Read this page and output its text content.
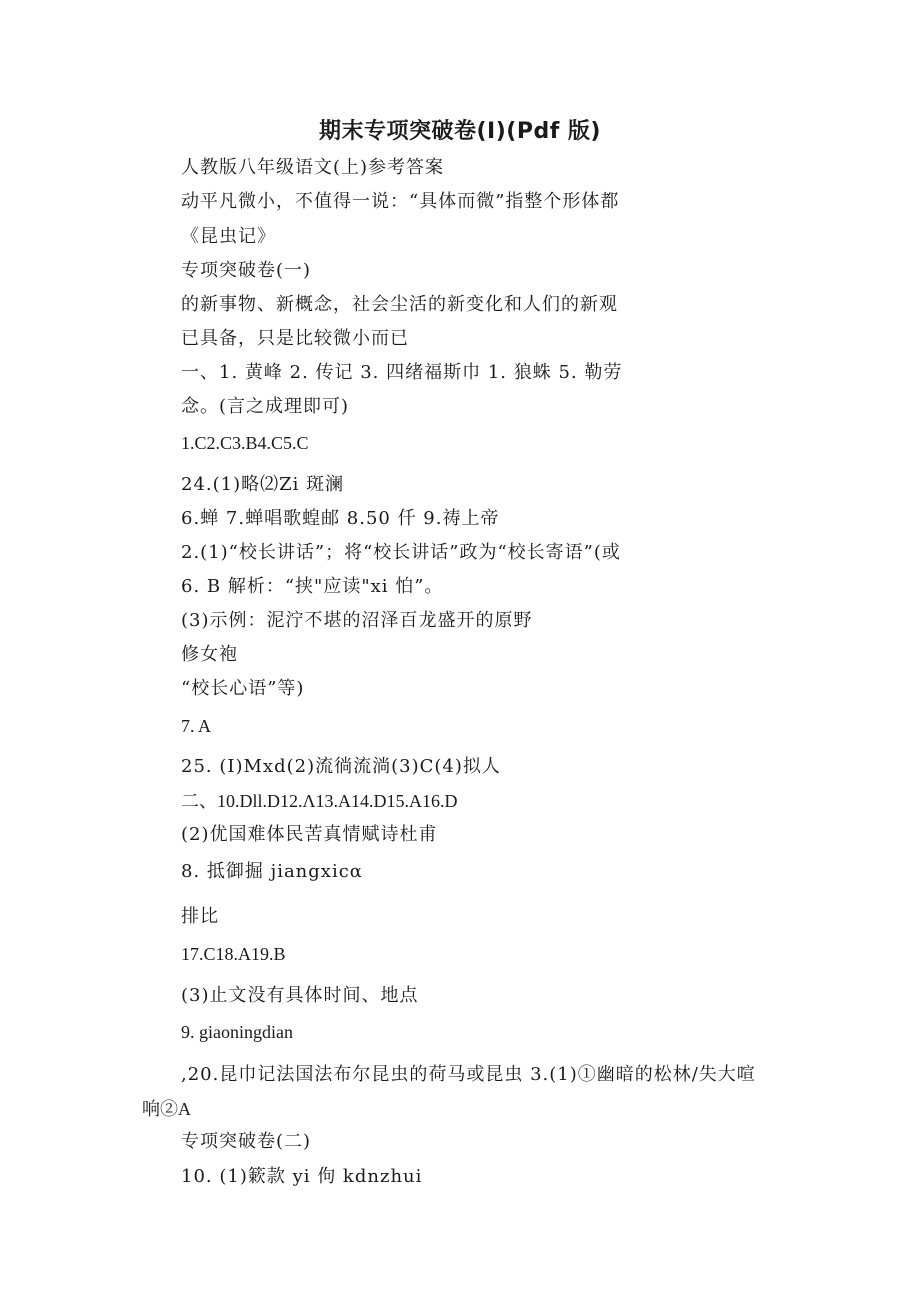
期末专项突破卷(Ⅰ)(Pdf 版)
人教版八年级语文(上)参考答案
动平凡微小，不值得一说：“具体而微”指整个形体都
《昆虫记》
专项突破卷(一)
的新事物、新概念，社会尘活的新变化和人们的新观
已具备，只是比较微小而已
一、1. 黄峰 2. 传记 3. 四绪福斯巾 1. 狼蛛 5. 勒劳
念。(言之成理即可)
1.C2.C3.B4.C5.C
24.(1)略⑵Zi 斑澜
6.蝉 7.蝉唱歌蝗邮 8.50 仟 9.祷上帝
2.(1)“校长讲话”；将“校长讲话”政为“校长寄语”(或
6. B 解析：“挟"应读"xi 怕”。
(3)示例：泥泞不堪的沼泽百龙盛开的原野
修女袍
“校长心语”等)
7. A
25. (I)Mxd(2)流徜流淌(3)C(4)拟人
二、10.Dll.D12.Λ13.A14.D15.A16.D
(2)优国难体民苦真情赋诗杜甫
8. 抵御掘 jiangxicα
排比
17.C18.A19.B
(3)止文没有具体时间、地点
9. giaoningdian
,20.昆巾记法国法布尔昆虫的荷马或昆虫 3.(1)①幽暗的松林/失大喧
响②A
专项突破卷(二)
10. (1)簌款 yi 佝 kdnzhui
